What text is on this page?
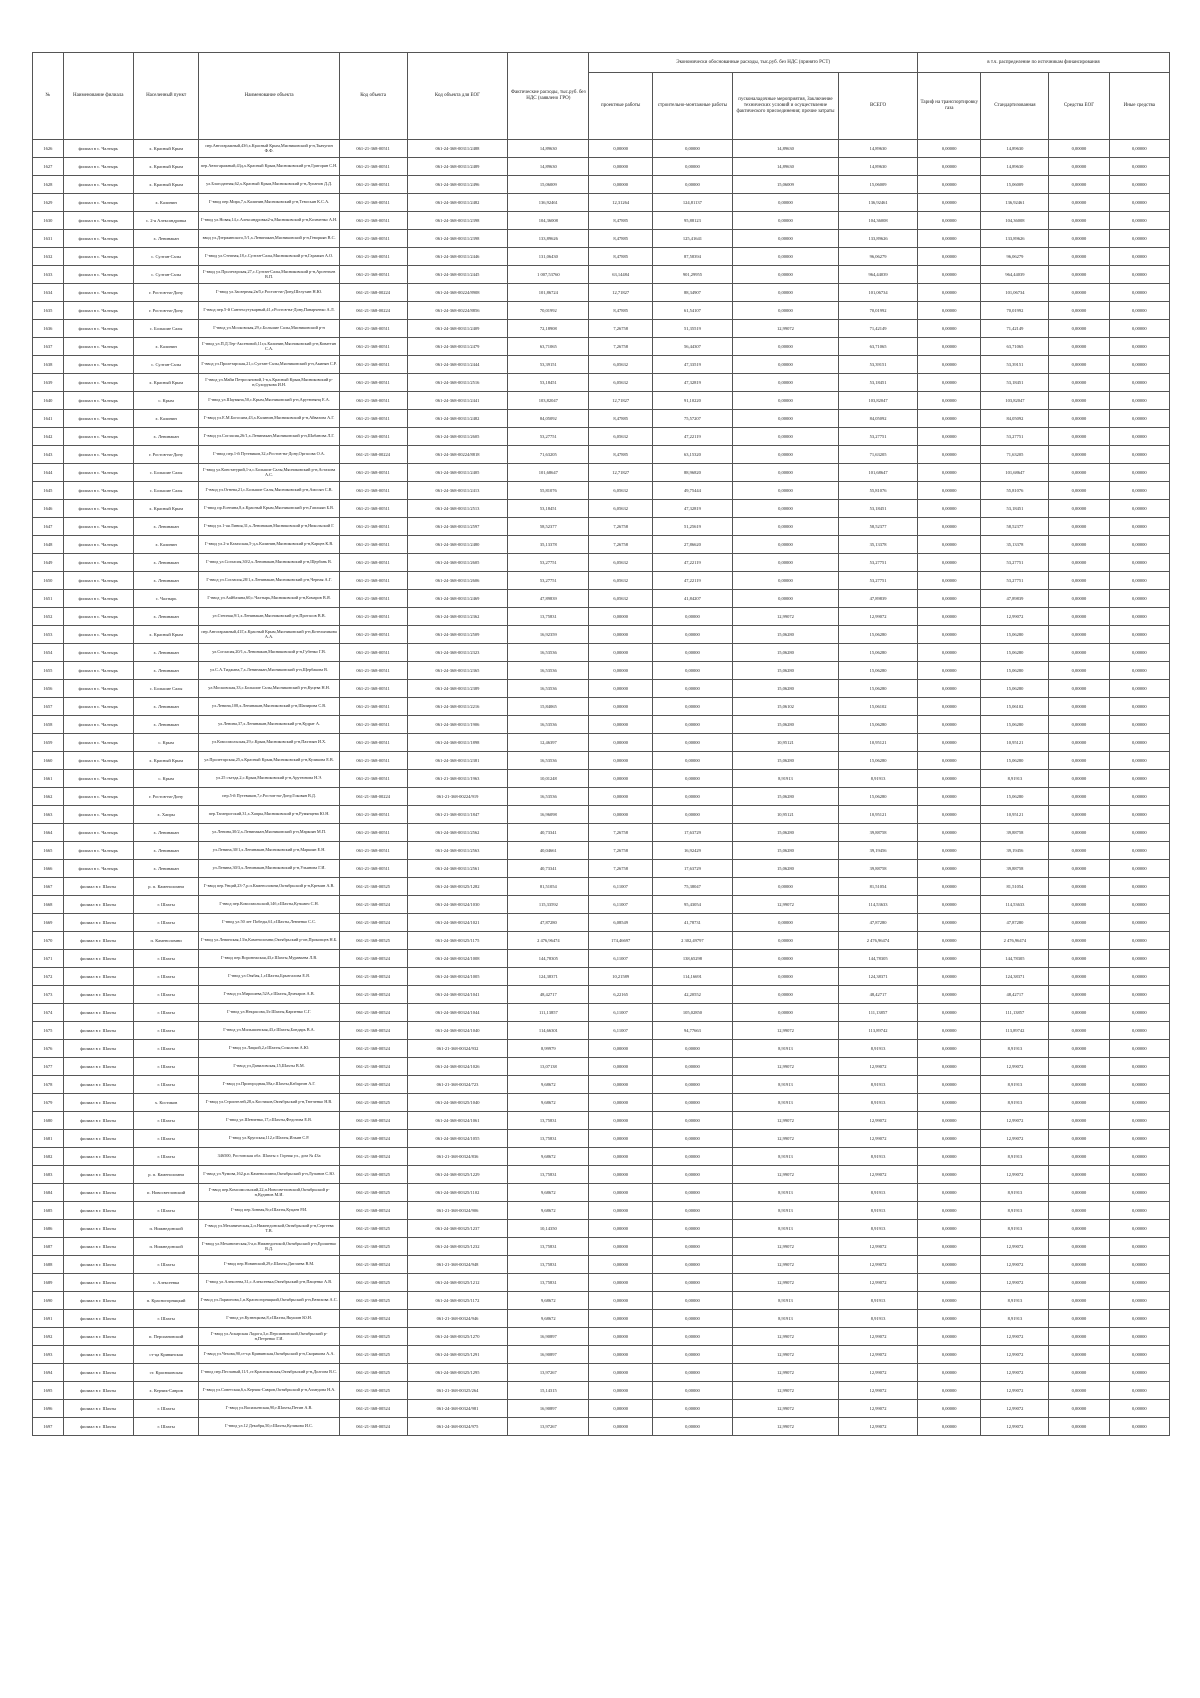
№	Наименование филиала	Населенный пункт	Наименование объекта	Код объекта	Код объекта для ЕОГ	Фактические расходы, тыс.руб. без НДС (заявлено ГРО)	Экономически обоснованные расходы, тыс.руб. без НДС (принято РСТ)				в т.ч. распределение по источникам финансирования			
							проектные работы	строительно-монтажные работы	пусконаладочные мероприятия, Заключение технических условий и осуществление фактического присоединения; прочие затраты	ВСЕГО	Тариф на транспортировку газа	Стандартизованная	Средства ЕОГ	Иные средства
1626	филиал в с. Чалтырь	х. Красный Крым	пер.Автогаражный,43б,х.Красный Крым,Мясниковский р-н,Ткачугин Ф.Ф.	061-21-368-00511	061-24-368-00311/2488	14,89630	0,00000	0,00000	14,89630	14,89630	0,00000	14,89630	0,00000	0,00000
1627	филиал в с. Чалтырь	х. Красный Крым	пер.Автогаражный,43д,х.Красный Крым,Мясниковский р-н,Григорян С.Н.	061-21-368-00511	061-24-368-00311/2489	14,89630	0,00000	0,00000	14,89630	14,89630	0,00000	14,89630	0,00000	0,00000
1628	филиал в с. Чалтырь	х. Красный Крым	ул.Благодатная,62,х.Красный Крым,Мясниковский р-н,Лупанов Д.Д.	061-21-368-00511	061-24-368-00311/2496	15,06009	0,00000	0,00000	15,06009	15,06009	0,00000	15,06009	0,00000	0,00000
1629	филиал в с. Чалтырь	х. Калинин	Г-ввод пер.Мира,7,х.Калинин,Мясниковский р-н,Тевосьян К.С.А.	061-21-368-00511	061-24-368-00311/2482	136,92461	12,31264	124,81137	0,00000	136,92461	0,00000	136,92461	0,00000	0,00000
1630	филиал в с. Чалтырь	с. 2-я Александровка	Г-ввод ул.Новая,14,с.Александровка2-я,Мясниковский р-н,Козаченко А.Н.	061-21-368-00511	061-24-368-00311/2398	104,36008	8,47885	95,88123	0,00000	104,36008	0,00000	104,36008	0,00000	0,00000
1631	филиал в с. Чалтырь	х. Ленинакан	ввод ул.Дзержинского,5/1,х.Ленинакан,Мясниковский р-н,Геворкян В.С.	061-21-368-00511	061-24-368-00311/2398	133,89626	8,47885	125,41641	0,00000	133,89626	0,00000	133,89626	0,00000	0,00000
1632	филиал в с. Чалтырь	с. Султан-Салы	Г-ввод ул.Степная,18,с.Султан-Салы,Мясниковский р-н,Гаражян А.О.	061-21-368-00511	061-24-368-00311/2446	131,06430	8,47885	87,58394	0,00000	96,06279	0,00000	96,06279	0,00000	0,00000
1633	филиал в с. Чалтырь	с. Султан-Салы	Г-ввод ул.Пролетарская,27,с.Султан-Салы,Мясниковский р-н,Арсентьев В.П.	061-21-368-00511	061-24-368-00311/2445	1 007,53760	63,14484	901,29955	0,00000	964,44039	0,00000	964,44039	0,00000	0,00000
1634	филиал в с. Чалтырь	г. Ростов-на-Дону	Г-ввод ул.Заозерная,2в/5,г.Ростов-на-Дону,Шелухин Н.Ю.	061-21-368-00224	061-24-368-00224/8908	101,86724	12,71827	88,34907	0,00000	101,06734	0,00000	101,06734	0,00000	0,00000
1635	филиал в с. Чалтырь	г. Ростов-на-Дону	Г-ввод пер.5-й Сантехсутукарный,41,г.Ростов-на-Дону,Панарченко А.Л.	061-21-368-00224	061-24-368-00224/8856	70,01992	8,47885	61,54107	0,00000	70,01992	0,00000	70,01992	0,00000	0,00000
1636	филиал в с. Чалтырь	с. Большие Салы	Г-ввод ул.Московская,29,с.Большие Салы,Мясниковский р-н	061-21-368-00511	061-24-368-00311/2409	72,18908	7,26758	51,35519	12,99072	71,42149	0,00000	71,42149	0,00000	0,00000
1637	филиал в с. Чалтырь	х. Калинин	Г-ввод ул.П.Д.Тер-Аксеновой,11г,х.Калинин,Мясниковский р-н,Коваттян С.А.	061-21-368-00511	061-24-368-00311/2479	63,71065	7,26758	56,44307	0,00000	63,71065	0,00000	63,71065	0,00000	0,00000
1638	филиал в с. Чалтырь	с. Султан-Салы	Г-ввод ул.Пролетарская,21,с.Султан-Салы,Мясниковский р-н,Акинян С.Р.	061-21-368-00511	061-24-368-00311/2444	53,39151	6,05632	47,33519	0,00000	53,39151	0,00000	53,39151	0,00000	0,00000
1639	филиал в с. Чалтырь	х. Красный Крым	Г-ввод ул.Майи Петросяновой,1-в,х.Красный Крым,Мясниковский р-н,Сухорукова И.Н.	061-21-368-00511	061-24-368-00311/2516	53,18451	6,05632	47,32819	0,00000	53,18451	0,00000	53,18451	0,00000	0,00000
1640	филиал в с. Чалтырь	с. Крым	Г-ввод ул.Шаумяна,50,с.Крым,Мясниковский р-н,Арутюнянц Е.А.	061-21-368-00511	061-24-368-00311/2441	103,82047	12,71827	91,10220	0,00000	103,82047	0,00000	103,82047	0,00000	0,00000
1641	филиал в с. Чалтырь	х. Калинин	Г-ввод ул.Е.М.Богосяна,43,х.Калинин,Мясниковский р-н,Айвазова А.Г.	061-21-368-00511	061-24-368-00311/2482	84,05092	8,47885	75,57207	0,00000	84,05092	0,00000	84,05092	0,00000	0,00000
1642	филиал в с. Чалтырь	х. Ленинакан	Г-ввод ул.Согласия,26/1,х.Ленинакан,Мясниковский р-н,Шабанова Л.Г.	061-21-368-00511	061-24-368-00311/2605	53,27751	6,05632	47,22119	0,00000	53,27751	0,00000	53,27751	0,00000	0,00000
1643	филиал в с. Чалтырь	г. Ростов-на-Дону	Г-ввод пер.1-й Путевиков,32,г.Ростов-на-Дону,Оргасова О.А.	061-21-368-00224	061-24-368-00224/8818	71,63205	8,47885	63,15320	0,00000	71,63205	0,00000	71,63205	0,00000	0,00000
1644	филиал в с. Чалтырь	с. Большие Салы	Г-ввод ул.Констатурий,1-а,с.Большие Салы,Мясниковский р-н,Астахова А.С.	061-21-368-00511	061-24-368-00311/2405	101,68647	12,71827	88,96820	0,00000	101,68647	0,00000	101,68647	0,00000	0,00000
1645	филиал в с. Чалтырь	с. Большие Салы	Г-ввод ул.Огнева,21,с.Большие Салы,Мясниковский р-н,Амосян С.В.	061-21-368-00511	061-24-368-00311/2413	55,81076	6,05632	49,75444	0,00000	55,81076	0,00000	55,81076	0,00000	0,00000
1646	филиал в с. Чалтырь	х. Красный Крым	Г-ввод пр.Есенина,8,х.Красный Крым,Мясниковский р-н,Гаплыян Б.В.	061-21-368-00511	061-24-368-00311/2513	53,18451	6,05632	47,32819	0,00000	53,18451	0,00000	53,18451	0,00000	0,00000
1647	филиал в с. Чалтырь	х. Ленинакан	Г-ввод ул.1-ая Линия,31,х.Ленинакан,Мясниковский р-н,Никольский Г.	061-21-368-00511	061-24-368-00311/2597	58,52377	7,26758	51,25619	0,00000	58,52377	0,00000	58,52377	0,00000	0,00000
1648	филиал в с. Чалтырь	х. Калинин	Г-ввод ул.2-я Казахская,5-д,х.Калинин,Мясниковский р-н,Карцев К.В.	061-21-368-00511	061-24-368-00311/2480	35,13378	7,26758	27,86620	0,00000	35,13378	0,00000	35,13378	0,00000	0,00000
1649	филиал в с. Чалтырь	х. Ленинакан	Г-ввод ул.Согласия,30/2,х.Ленинакан,Мясниковский р-н,Щербань В.	061-21-368-00511	061-24-368-00311/2605	53,27751	6,05632	47,22119	0,00000	53,27751	0,00000	53,27751	0,00000	0,00000
1650	филиал в с. Чалтырь	х. Ленинакан	Г-ввод ул.Согласия,28/1,х.Ленинакан,Мясниковский р-н,Черная А.Г.	061-21-368-00511	061-24-368-00311/2606	53,27751	6,05632	47,22119	0,00000	53,27751	0,00000	53,27751	0,00000	0,00000
1651	филиал в с. Чалтырь	с. Чалтырь	Г-ввод ул.Аайбазяна,60,с.Чалтырь,Мясниковский р-н,Комаров В.Я.	061-21-368-00511	061-24-368-00311/2469	47,89839	6,05632	41,84207	0,00000	47,89839	0,00000	47,89839	0,00000	0,00000
1652	филиал в с. Чалтырь	х. Ленинакан	ул.Степная,9/1,х.Ленинакан,Мясниковский р-н,Протасов В.В.	061-21-368-00511	061-24-368-00311/2362	13,75831	0,00000	0,00000	12,99072	12,99072	0,00000	12,99072	0,00000	0,00000
1653	филиал в с. Чалтырь	х. Красный Крым	пер.Автогаражный,41Г,х.Красный Крым,Мясниковский р-н,Котельникова А.А.	061-21-368-00511	061-24-368-00311/2509	16,92359	0,00000	0,00000	15,06280	15,06280	0,00000	15,06280	0,00000	0,00000
1654	филиал в с. Чалтырь	х. Ленинакан	ул.Согласия,20/1,х.Ленинакан,Мясниковский р-н,Губенко Г.В.	061-21-368-00511	061-24-368-00311/2323	16,53536	0,00000	0,00000	15,06280	15,06280	0,00000	15,06280	0,00000	0,00000
1655	филиал в с. Чалтырь	х. Ленинакан	ул.С.А.Тиджана,7,х.Ленинакан,Мясниковский р-н,Щербакова В.	061-21-368-00511	061-24-368-00311/2365	16,53536	0,00000	0,00000	15,06280	15,06280	0,00000	15,06280	0,00000	0,00000
1656	филиал в с. Чалтырь	с. Большие Салы	ул.Московская,33,с.Большие Салы,Мясниковский р-н,Куцева Н.Н.	061-21-368-00511	061-24-368-00311/2389	16,53536	0,00000	0,00000	15,06280	15,06280	0,00000	15,06280	0,00000	0,00000
1657	филиал в с. Чалтырь	х. Ленинакан	ул.Ленина,108,х.Ленинакан,Мясниковский р-н,Шапирова С.В.	061-21-368-00511	061-24-368-00311/2216	15,84065	0,00000	0,00000	15,06102	15,06102	0,00000	15,06102	0,00000	0,00000
1658	филиал в с. Чалтырь	х. Ленинакан	ул.Ленина,37,х.Ленинакан,Мясниковский р-н,Кудрат А.	061-21-368-00511	061-24-368-00311/1906	16,53536	0,00000	0,00000	15,06280	15,06280	0,00000	15,06280	0,00000	0,00000
1659	филиал в с. Чалтырь	с. Крым	ул.Комсомольская,29,с.Крым,Мясниковский р-н,Пахтиян И.Х.	061-21-368-00511	061-24-368-00311/1898	12,46397	0,00000	0,00000	10,95121	10,95121	0,00000	10,95121	0,00000	0,00000
1660	филиал в с. Чалтырь	х. Красный Крым	ул.Пролетарская,25,х.Красный Крым,Мясниковский р-н,Куликова Е.В.	061-21-368-00511	061-24-368-00311/2381	16,53536	0,00000	0,00000	15,06280	15,06280	0,00000	15,06280	0,00000	0,00000
1661	филиал в с. Чалтырь	с. Крым	ул.25 съезда,2,с.Крым,Мясниковский р-н,Арутюнова Н.Э.	061-21-368-00511	061-21-368-00311/1963	10,01248	0,00000	0,00000	8,91913	8,91913	0,00000	8,91913	0,00000	0,00000
1662	филиал в с. Чалтырь	г. Ростов-на-Дону	пер.5-й Путевиков,7,г.Ростов-на-Дону,Гоковян В.Д.	061-21-368-00224	061-21-368-00224/919	16,53536	0,00000	0,00000	15,06280	15,06280	0,00000	15,06280	0,00000	0,00000
1663	филиал в с. Чалтырь	х. Хапры	пер.Таганрогский,31,х.Хапры,Мясниковский р-н,Румянцева Ю.Н.	061-21-368-00511	061-21-368-00311/1847	16,96098	0,00000	0,00000	10,95121	10,95121	0,00000	10,95121	0,00000	0,00000
1664	филиал в с. Чалтырь	х. Ленинакан	ул.Ленина,30/2,х.Ленинакан,Мясниковский р-н,Маркоян М.П.	061-21-368-00511	061-24-368-00311/2562	40,73341	7,26758	17,63729	15,06280	39,88758	0,00000	39,88758	0,00000	0,00000
1665	филиал в с. Чалтырь	х. Ленинакан	ул.Ленина,30/1,х.Ленинакан,Мясниковский р-н,Маркоян Е.Н.	061-21-368-00511	061-24-368-00311/2563	40,04661	7,26758	16,92429	15,06280	39,19456	0,00000	39,19456	0,00000	0,00000
1666	филиал в с. Чалтырь	х. Ленинакан	ул.Ленина,30/3,х.Ленинакан,Мясниковский р-н,Ульянова Г.И.	061-21-368-00511	061-24-368-00311/2561	40,73341	7,26758	17,63729	15,06280	39,88758	0,00000	39,88758	0,00000	0,00000
1667	филиал в г. Шахты	р. п. Каменоломни	Г-ввод пер.Унций,23-7,р.п.Каменоломни,Октябрьский р-н,Кремин А.В.	061-21-368-00525	061-24-368-00325/1282	81,51054	6,11007	75,38047	0,00000	81,51054	0,00000	81,51054	0,00000	0,00000
1668	филиал в г. Шахты	г. Шахты	Г-ввод пер.Комсомольский,14б,г.Шахты,Кузьмич С.Н.	061-21-368-00524	061-24-368-00324/1030	115,33592	6,11007	95,43054	12,99072	114,53633	0,00000	114,53633	0,00000	0,00000
1669	филиал в г. Шахты	г. Шахты	Г-ввод ул.50 лет Победы,61,г.Шахты,Левченко С.С.	061-21-368-00524	061-24-368-00324/1021	47,87280	6,08549	41,78731	0,00000	47,87280	0,00000	47,87280	0,00000	0,00000
1670	филиал в г. Шахты	п. Каменоломни	Г-ввод ул.Левинская,13/в,Каменоломни,Октябрьский р-он,Прокопцев Н.Б.	061-21-368-00525	061-24-368-00325/1175	2 476,96474	174,46697	2 302,49797	0,00000	2 476,96474	0,00000	2 476,96474	0,00000	0,00000
1671	филиал в г. Шахты	г. Шахты	Г-ввод пер.Воронежская,43,г.Шахты,Муравьева Л.В.	061-21-368-00524	061-24-368-00324/1008	144,78305	6,11007	138,65298	0,00000	144,78305	0,00000	144,78305	0,00000	0,00000
1672	филиал в г. Шахты	г. Шахты	Г-ввод ул.Озябая,1,г.Шахты,Брызгалова Е.Я.	061-21-368-00524	061-24-368-00324/1005	124,38371	10,21589	114,16691	0,00000	124,38371	0,00000	124,38371	0,00000	0,00000
1673	филиал в г. Шахты	г. Шахты	Г-ввод ул.Мирошева,52А,г.Шахты,Демчаров А.В.	061-21-368-00524	061-24-368-00324/1041	48,42717	6,22165	42,20552	0,00000	48,42717	0,00000	48,42717	0,00000	0,00000
1674	филиал в г. Шахты	г. Шахты	Г-ввод ул.Некрасова,3/г.Шахты,Карпенко С.Г.	061-21-368-00524	061-24-368-00324/1044	111,13857	6,11007	105,02850	0,00000	111,13857	0,00000	111,13857	0,00000	0,00000
1675	филиал в г. Шахты	г. Шахты	Г-ввод ул.Мильшинская,43,г.Шахты,Бондарь В.А.	061-21-368-00524	061-24-368-00324/1040	114,66301	6,11007	94,77663	12,99072	113,89742	0,00000	113,89742	0,00000	0,00000
1676	филиал в г. Шахты	г. Шахты	Г-ввод ул.Лацкой,2,г.Шахты,Соколова А.Ю.	061-21-368-00524	061-21-368-00324/932	8,99979	0,00000	0,00000	8,91913	8,91913	0,00000	8,91913	0,00000	0,00000
1677	филиал в г. Шахты	г. Шахты	Г-ввод ул.Даниловская,15,Шахты В.М.	061-21-368-00524	061-24-368-00324/1026	13,07138	0,00000	0,00000	12,99072	12,99072	0,00000	12,99072	0,00000	0,00000
1678	филиал в г. Шахты	г. Шахты	Г-ввод ул.Пригородная,58а,г.Шахты,Кабаргин А.Г.	061-21-368-00524	061-21-368-00324/723	9,68672	0,00000	0,00000	8,91913	8,91913	0,00000	8,91913	0,00000	0,00000
1679	филиал в г. Шахты	х. Костиков	Г-ввод ул.Строителей,28,х.Костиков,Октябрьский р-н,Тютченко Н.В.	061-21-368-00525	061-24-368-00325/1040	9,68672	0,00000	0,00000	8,91913	8,91913	0,00000	8,91913	0,00000	0,00000
1680	филиал в г. Шахты	г. Шахты	Г-ввод ул.Шевченко,17,г.Шахты,Федотова Е.В.	061-21-368-00524	061-24-368-00324/1061	13,75831	0,00000	0,00000	12,99072	12,99072	0,00000	12,99072	0,00000	0,00000
1681	филиал в г. Шахты	г. Шахты	Г-ввод ул.Крупская,112,г.Шахты,Ильин С.Р.	061-21-368-00524	061-24-368-00324/1055	13,75831	0,00000	0,00000	12,99072	12,99072	0,00000	12,99072	0,00000	0,00000
1682	филиал в г. Шахты	г. Шахты	346500, Ростовская обл. Шахты г. Горная ул., дом № 43а	061-21-368-00524	061-21-368-00324/836	9,68672	0,00000	0,00000	8,91913	8,91913	0,00000	8,91913	0,00000	0,00000
1683	филиал в г. Шахты	р. п. Каменоломни	Г-ввод ул.Чумова,162,р.п.Каменоломни,Октябрьский р-н,Лупанов С.Ю.	061-21-368-00525	061-24-368-00325/1229	13,75831	0,00000	0,00000	12,99072	12,99072	0,00000	12,99072	0,00000	0,00000
1684	филиал в г. Шахты	п. Новосветловский	Г-ввод пер.Комсомольский,22,п.Новосветловский,Октябрьский р-н,Кудинов М.И.	061-21-368-00525	061-24-368-00325/1102	9,68672	0,00000	0,00000	8,91913	8,91913	0,00000	8,91913	0,00000	0,00000
1685	филиал в г. Шахты	г. Шахты	Г-ввод пер.Зонная,8г,г.Шахты,Куцаев Р.И.	061-21-368-00524	061-21-368-00324/906	9,68672	0,00000	0,00000	8,91913	8,91913	0,00000	8,91913	0,00000	0,00000
1686	филиал в г. Шахты	п. Нижнедонской	Г-ввод ул.Механическая,2,п.Нижнедонской,Октябрьский р-н,Сергеева Т.В.	061-21-368-00525	061-24-368-00325/1237	10,14350	0,00000	0,00000	8,91913	8,91913	0,00000	8,91913	0,00000	0,00000
1687	филиал в г. Шахты	п. Нижнедонской	Г-ввод ул.Механическая,3-а,п.Нижнедонской,Октябрьский р-н,Ерошенко В.Д.	061-21-368-00525	061-24-368-00325/1232	13,75831	0,00000	0,00000	12,99072	12,99072	0,00000	12,99072	0,00000	0,00000
1688	филиал в г. Шахты	г. Шахты	Г-ввод пер.Новинский,29,г.Шахты,Дятлаева В.М.	061-21-368-00524	061-21-368-00324/948	13,75831	0,00000	0,00000	12,99072	12,99072	0,00000	12,99072	0,00000	0,00000
1689	филиал в г. Шахты	с. Алексеевка	Г-ввод ул.Алексеева,31,с.Алексеевка,Октябрьский р-н,Пащенко А.В.	061-21-368-00525	061-24-368-00325/1212	13,75831	0,00000	0,00000	12,99072	12,99072	0,00000	12,99072	0,00000	0,00000
1690	филиал в г. Шахты	п. Красногорняцкий	Г-ввод ул.Ларионова,1,п.Красногорняцкий,Октябрьский р-н,Евтихова А.С.	061-21-368-00525	061-24-368-00325/1172	9,68672	0,00000	0,00000	8,91913	8,91913	0,00000	8,91913	0,00000	0,00000
1691	филиал в г. Шахты	г. Шахты	Г-ввод ул.Кузнецкова,8,г.Шахты,Якушин Ю.Н.	061-21-368-00524	061-21-368-00324/946	9,68672	0,00000	0,00000	8,91913	8,91913	0,00000	8,91913	0,00000	0,00000
1692	филиал в г. Шахты	п. Персиановский	Г-ввод ул.Аскарская Ладога,3,п.Персиановский,Октябрьский р-н,Петренко Г.И.	061-21-368-00525	061-24-368-00325/1270	16,90897	0,00000	0,00000	12,99072	12,99072	0,00000	12,99072	0,00000	0,00000
1693	филиал в г. Шахты	ст-ца Кривянская	Г-ввод ул.Чехова,90,ст-ца Кривянская,Октябрьский р-н,Скорикова А.А.	061-21-368-00525	061-24-368-00325/1291	16,90897	0,00000	0,00000	12,99072	12,99072	0,00000	12,99072	0,00000	0,00000
1694	филиал в г. Шахты	ст. Красюковская	Г-ввод пер.Песчаный,11/1,ст.Красюковская,Октябрьский р-н,Долгова В.С.	061-21-368-00525	061-24-368-00325/1295	13,97267	0,00000	0,00000	12,99072	12,99072	0,00000	12,99072	0,00000	0,00000
1695	филиал в г. Шахты	х. Керчик-Савров	Г-ввод ул.Советская,6,х.Керчик-Савров,Октябрьский р-н,Ахмедова Н.А.	061-21-368-00525	061-21-368-00325/264	15,14315	0,00000	0,00000	12,99072	12,99072	0,00000	12,99072	0,00000	0,00000
1696	филиал в г. Шахты	г. Шахты	Г-ввод ул.Васильевская,90,г.Шахты,Петин А.В.	061-21-368-00524	061-24-368-00324/981	16,90897	0,00000	0,00000	12,99072	12,99072	0,00000	12,99072	0,00000	0,00000
1697	филиал в г. Шахты	г. Шахты	Г-ввод ул.12 Декабря,50,г.Шахты,Куликова И.С.	061-21-368-00524	061-24-368-00324/975	13,97267	0,00000	0,00000	12,99072	12,99072	0,00000	12,99072	0,00000	0,00000
